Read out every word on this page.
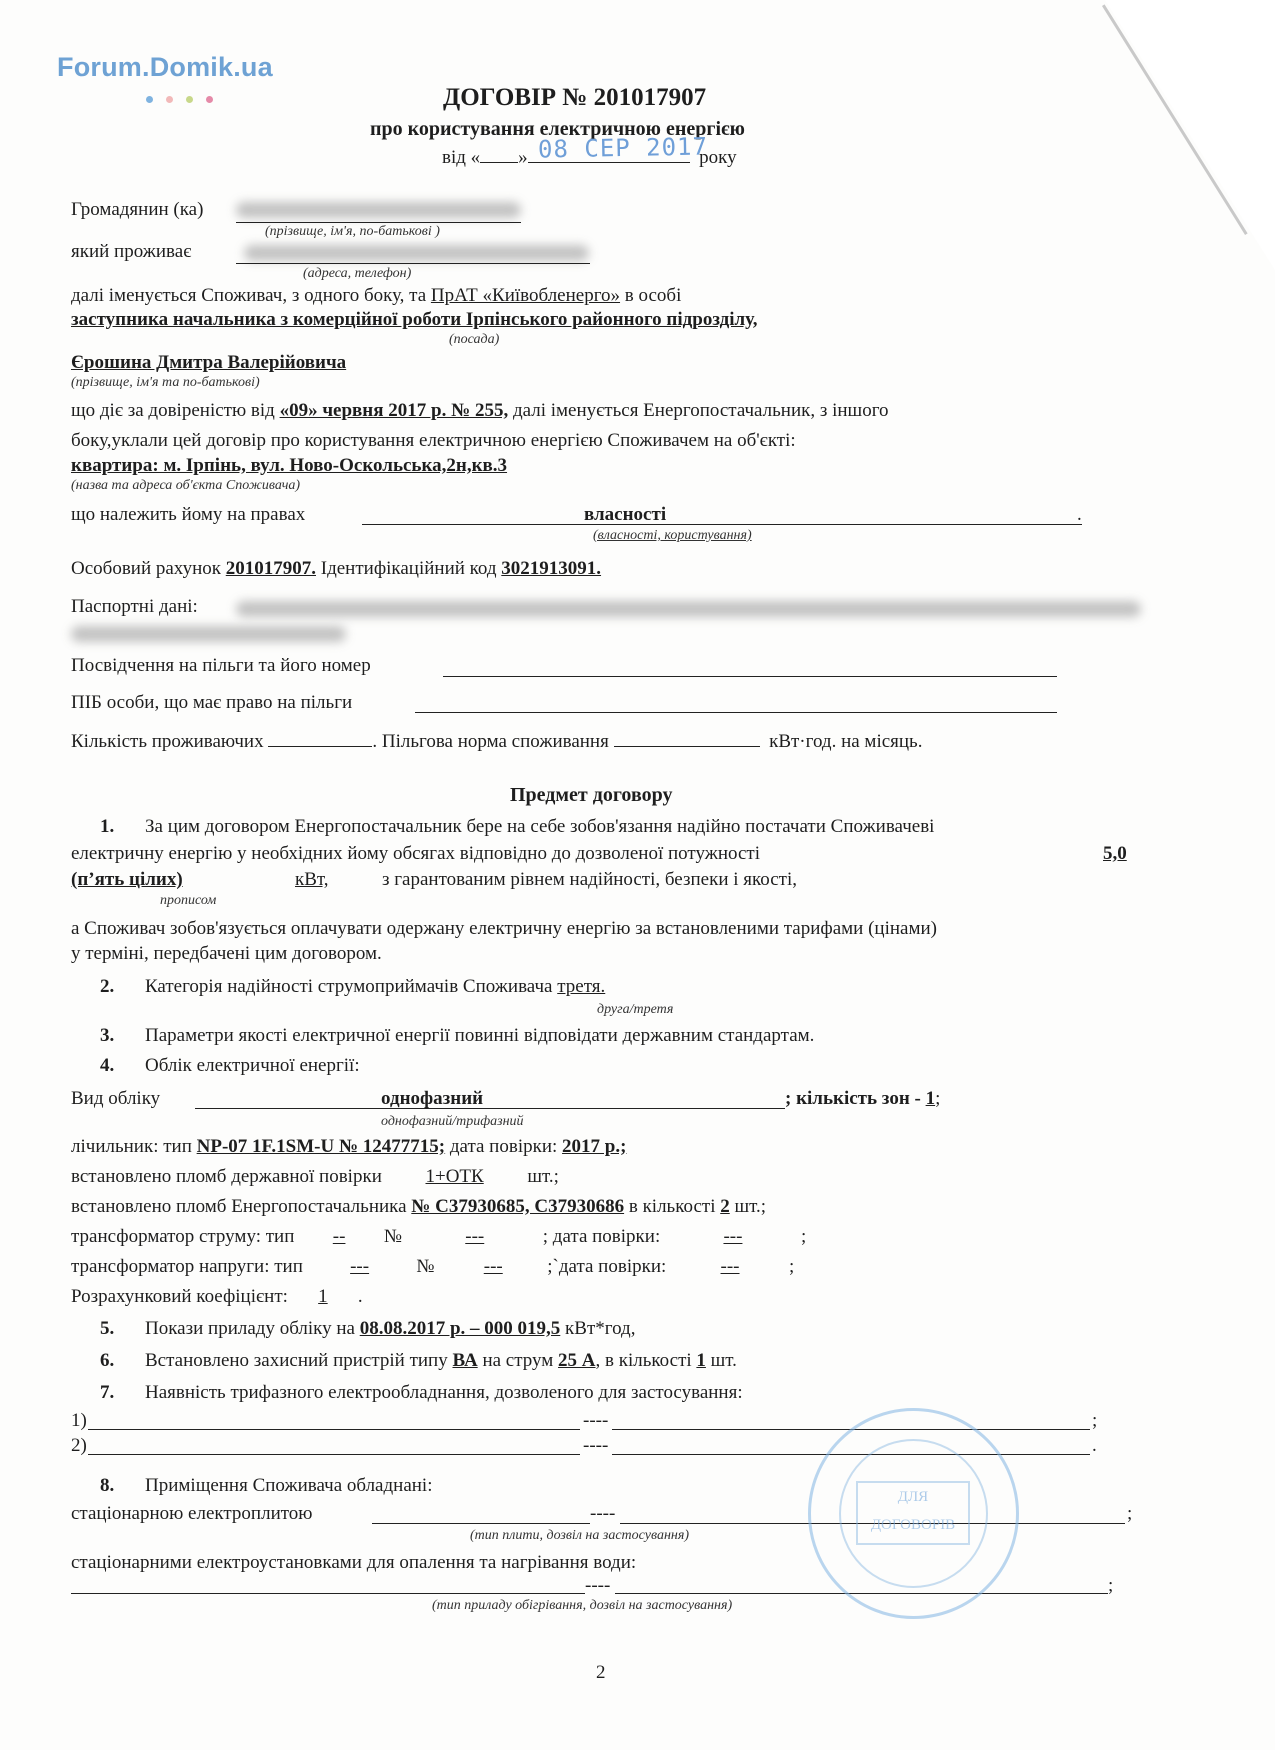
Forum.Domik.ua
ДОГОВІР № 201017907
про користування електричною енергією
від « »	року
08 СЕР 2017
Громадянин (ка)
(прізвище, ім'я, по-батькові )
який проживає
(адреса, телефон)
далі іменується Споживач, з одного боку, та ПрАТ «Київобленерго» в особі
заступника начальника з комерційної роботи Ірпінського районного підрозділу,
(посада)
Єрошина Дмитра Валерійовича
(прізвище, ім'я та по-батькові)
що діє за довіреністю від «09» червня 2017 р. № 255, далі іменується Енергопостачальник, з іншого
боку,уклали цей договір про користування електричною енергією Споживачем на об'єкті:
квартира: м. Ірпінь, вул. Ново-Оскольська,2н,кв.3
(назва та адреса об'єкта Споживача)
що належить йому на правах	власності	.
(власності, користування)
Особовий рахунок 201017907. Ідентифікаційний код 3021913091.
Паспортні дані:
Посвідчення на пільги та його номер
ПІБ особи, що має право на пільги
Кількість проживаючих	. Пільгова норма споживання	кВт·год. на місяць.
Предмет договору
1. За цим договором Енергопостачальник бере на себе зобов'язання надійно постачати Споживачеві
електричну енергію у необхідних йому обсягах відповідно до дозволеної потужності	5,0
(п’ять цілих)	кВт,	з гарантованим рівнем надійності, безпеки і якості,
прописом
а Споживач зобов'язується оплачувати одержану електричну енергію за встановленими тарифами (цінами)
у терміні, передбачені цим договором.
2. Категорія надійності струмоприймачів Споживача третя.
друга/третя
3. Параметри якості електричної енергії повинні відповідати державним стандартам.
4. Облік електричної енергії:
Вид обліку	однофазний	; кількість зон - 1;
однофазний/трифазний
лічильник: тип NP-07 1F.1SM-U № 12477715; дата повірки: 2017 р.;
встановлено пломб державної повірки 1+ОТК шт.;
встановлено пломб Енергопостачальника № С37930685, С37930686 в кількості 2 шт.;
трансформатор струму: тип -- №	---	; дата повірки:	---	;
трансформатор напруги: тип --- №	--- ;`дата повірки:	---	;
Розрахунковий коефіцієнт: 1 .
5. Покази приладу обліку на 08.08.2017 р. – 000 019,5 кВт*год,
6. Встановлено захисний пристрій типу ВА на струм 25 А, в кількості 1 шт.
7. Наявність трифазного електрообладнання, дозволеного для застосування:
1)	----	;
2)	----	.
8. Приміщення Споживача обладнані:
стаціонарною електроплитою	----	;
(тип плити, дозвіл на застосування)
стаціонарними електроустановками для опалення та нагрівання води:
----	;
(тип приладу обігрівання, дозвіл на застосування)
ДЛЯ ДОГОВОРІВ
2
